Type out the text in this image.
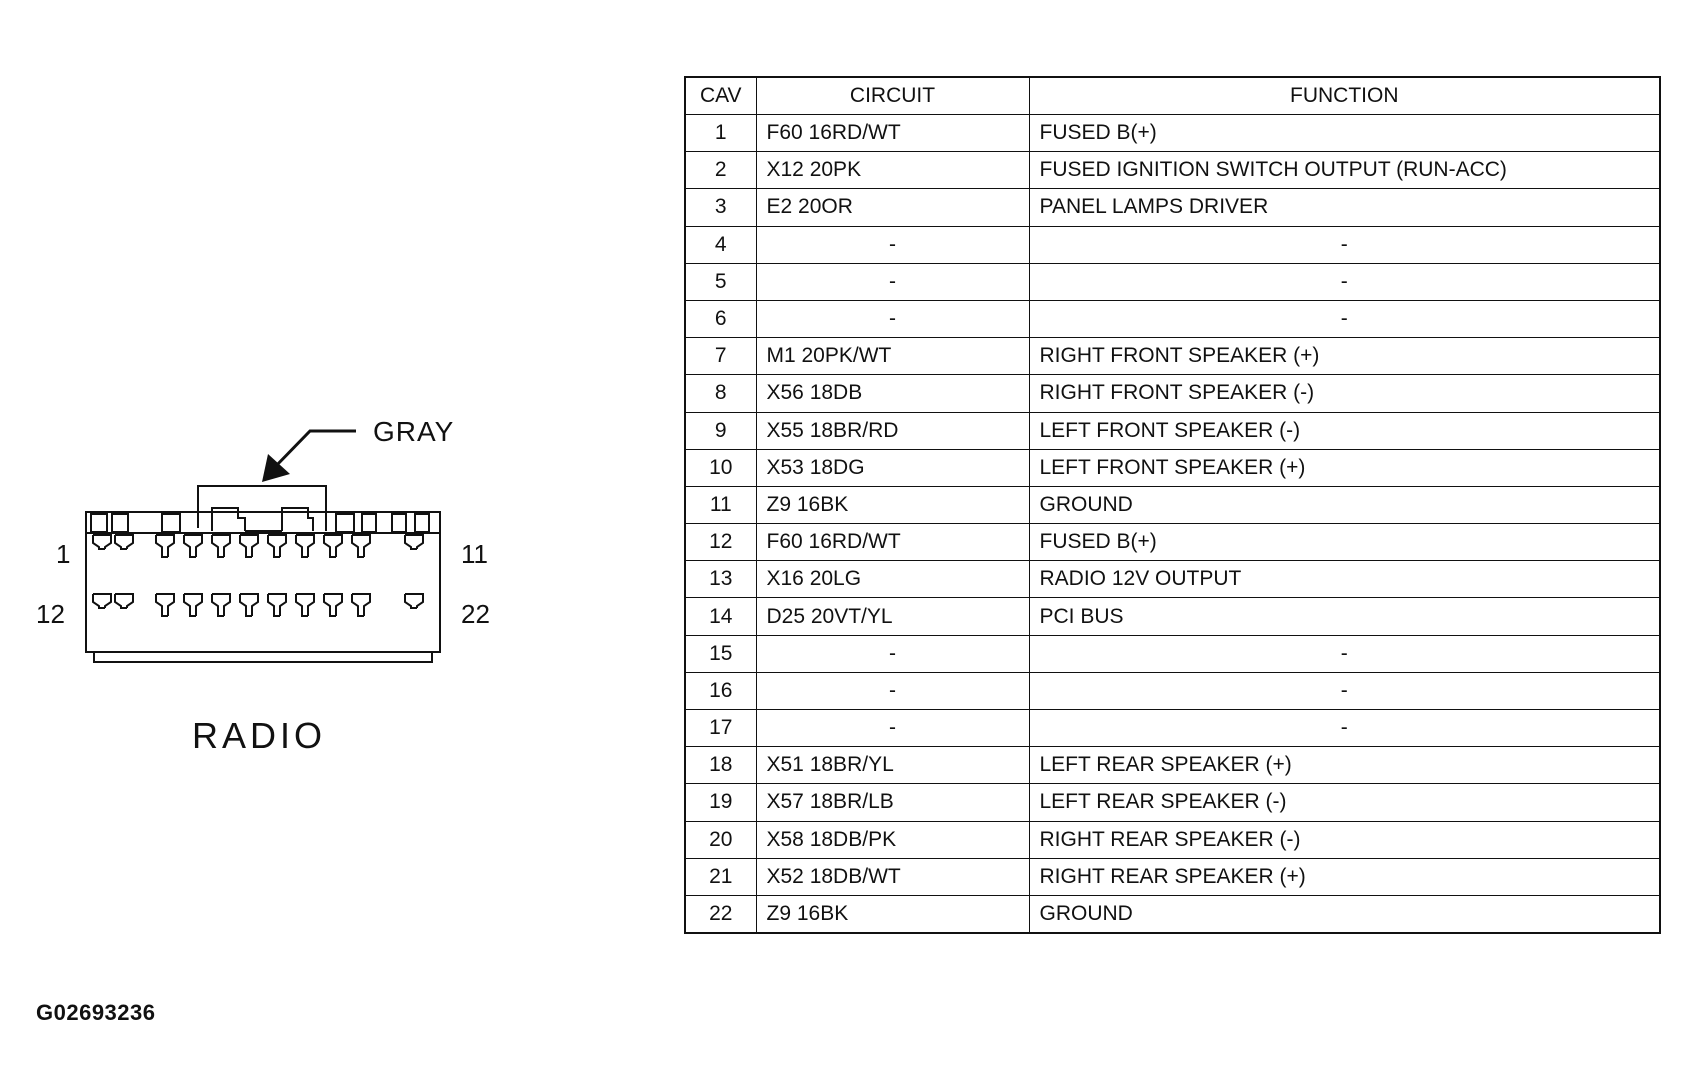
GRAY
1	11
12	22
RADIO
CAV	CIRCUIT	FUNCTION
1	F60 16RD/WT	FUSED B(+)
2	X12 20PK	FUSED IGNITION SWITCH OUTPUT (RUN-ACC)
3	E2 20OR	PANEL LAMPS DRIVER
4	-	-
5	-	-
6	-	-
7	M1 20PK/WT	RIGHT FRONT SPEAKER (+)
8	X56 18DB	RIGHT FRONT SPEAKER (-)
9	X55 18BR/RD	LEFT FRONT SPEAKER (-)
10	X53 18DG	LEFT FRONT SPEAKER (+)
11	Z9 16BK	GROUND
12	F60 16RD/WT	FUSED B(+)
13	X16 20LG	RADIO 12V OUTPUT
14	D25 20VT/YL	PCI BUS
15	-	-
16	-	-
17	-	-
18	X51 18BR/YL	LEFT REAR SPEAKER (+)
19	X57 18BR/LB	LEFT REAR SPEAKER (-)
20	X58 18DB/PK	RIGHT REAR SPEAKER (-)
21	X52 18DB/WT	RIGHT REAR SPEAKER (+)
22	Z9 16BK	GROUND
G02693236
